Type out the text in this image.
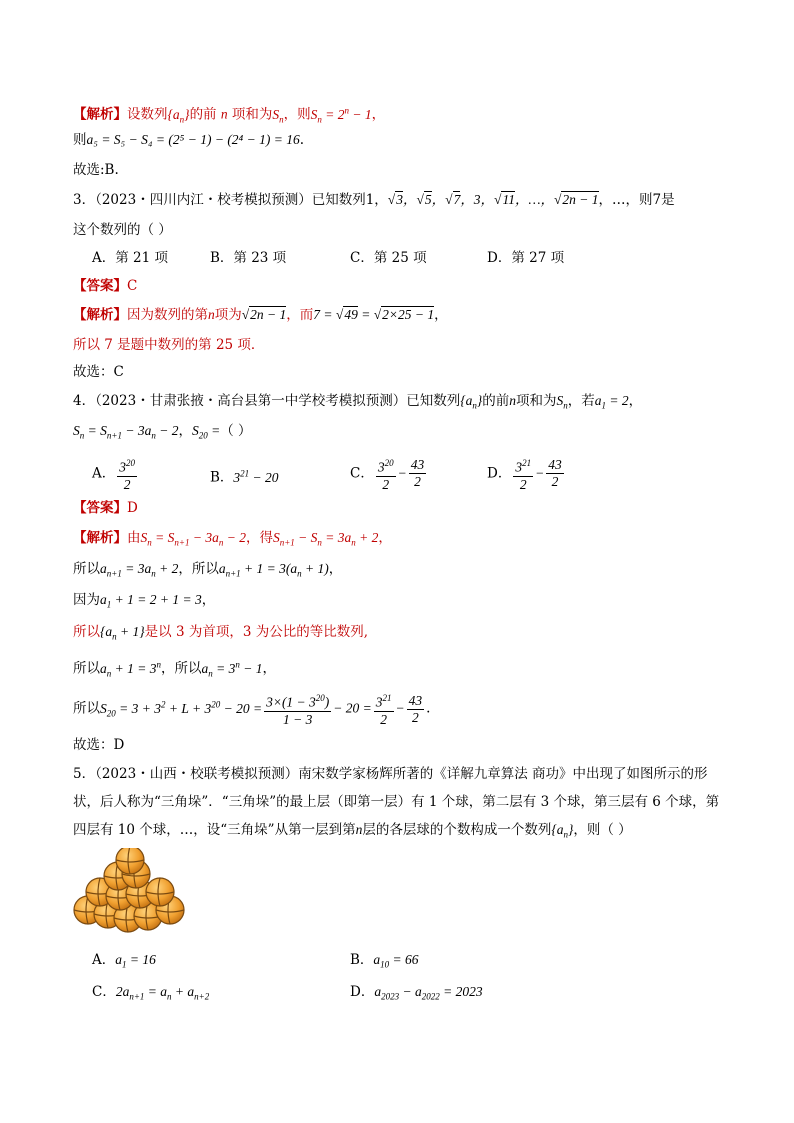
【解析】设数列$\{a_n\}$的前 n 项和为$S_n$，则$S_n = 2^n - 1$，
则a₅ = S₅ − S₄ = (2⁵ − 1) − (2⁴ − 1) = 16.
故选:B.
3．（2023・四川内江・校考模拟预测）已知数列1，√3，√5，√7，3，√11，…，√2n − 1，…，则7是
这个数列的（ ）
A．第 21 项	B．第 23 项	C．第 25 项	D．第 27 项
【答案】C
【解析】因为数列的第n项为√2n − 1，而7 = √49 = √2×25 − 1，
所以 7 是题中数列的第 25 项．
故选：C
4．（2023・甘肃张掖・高台县第一中学校考模拟预测）已知数列$\{a_n\}$的前n项和为$S_n$，若$a_1 = 2$，
$S_n = S_{n+1} - 3a_n - 2$，$S_{20}$ =（ ）
A． $\frac{3^{20}}{2}$	B．$3^{21} - 20$	C． $\frac{3^{20}}{2} - \frac{43}{2}$	D． $\frac{3^{21}}{2} - \frac{43}{2}$
【答案】D
【解析】由$S_n = S_{n+1} - 3a_n - 2$，得$S_{n+1} - S_n = 3a_n + 2$，
所以$a_{n+1} = 3a_n + 2$，所以$a_{n+1} + 1 = 3(a_n + 1)$，
因为$a_1 + 1 = 2 + 1 = 3$，
所以$\{a_n + 1\}$是以 3 为首项，3 为公比的等比数列,
所以$a_n + 1 = 3^n$，所以$a_n = 3^n - 1$，
所以$S_{20} = 3 + 3^2 + L + 3^{20} - 20 = \frac{3\times(1 - 3^{20})}{1 - 3} - 20 = \frac{3^{21}}{2} - \frac{43}{2}$ .
故选：D
5．（2023・山西・校联考模拟预测）南宋数学家杨辉所著的《详解九章算法 商功》中出现了如图所示的形
状，后人称为“三角垛”．“三角垛”的最上层（即第一层）有 1 个球，第二层有 3 个球，第三层有 6 个球，第
四层有 10 个球，…，设“三角垛”从第一层到第n层的各层球的个数构成一个数列$\{a_n\}$，则（ ）
A．$a_1 = 16$	B．$a_{10} = 66$
C．$2a_{n+1} = a_n + a_{n+2}$	D．$a_{2023} - a_{2022} = 2023$
